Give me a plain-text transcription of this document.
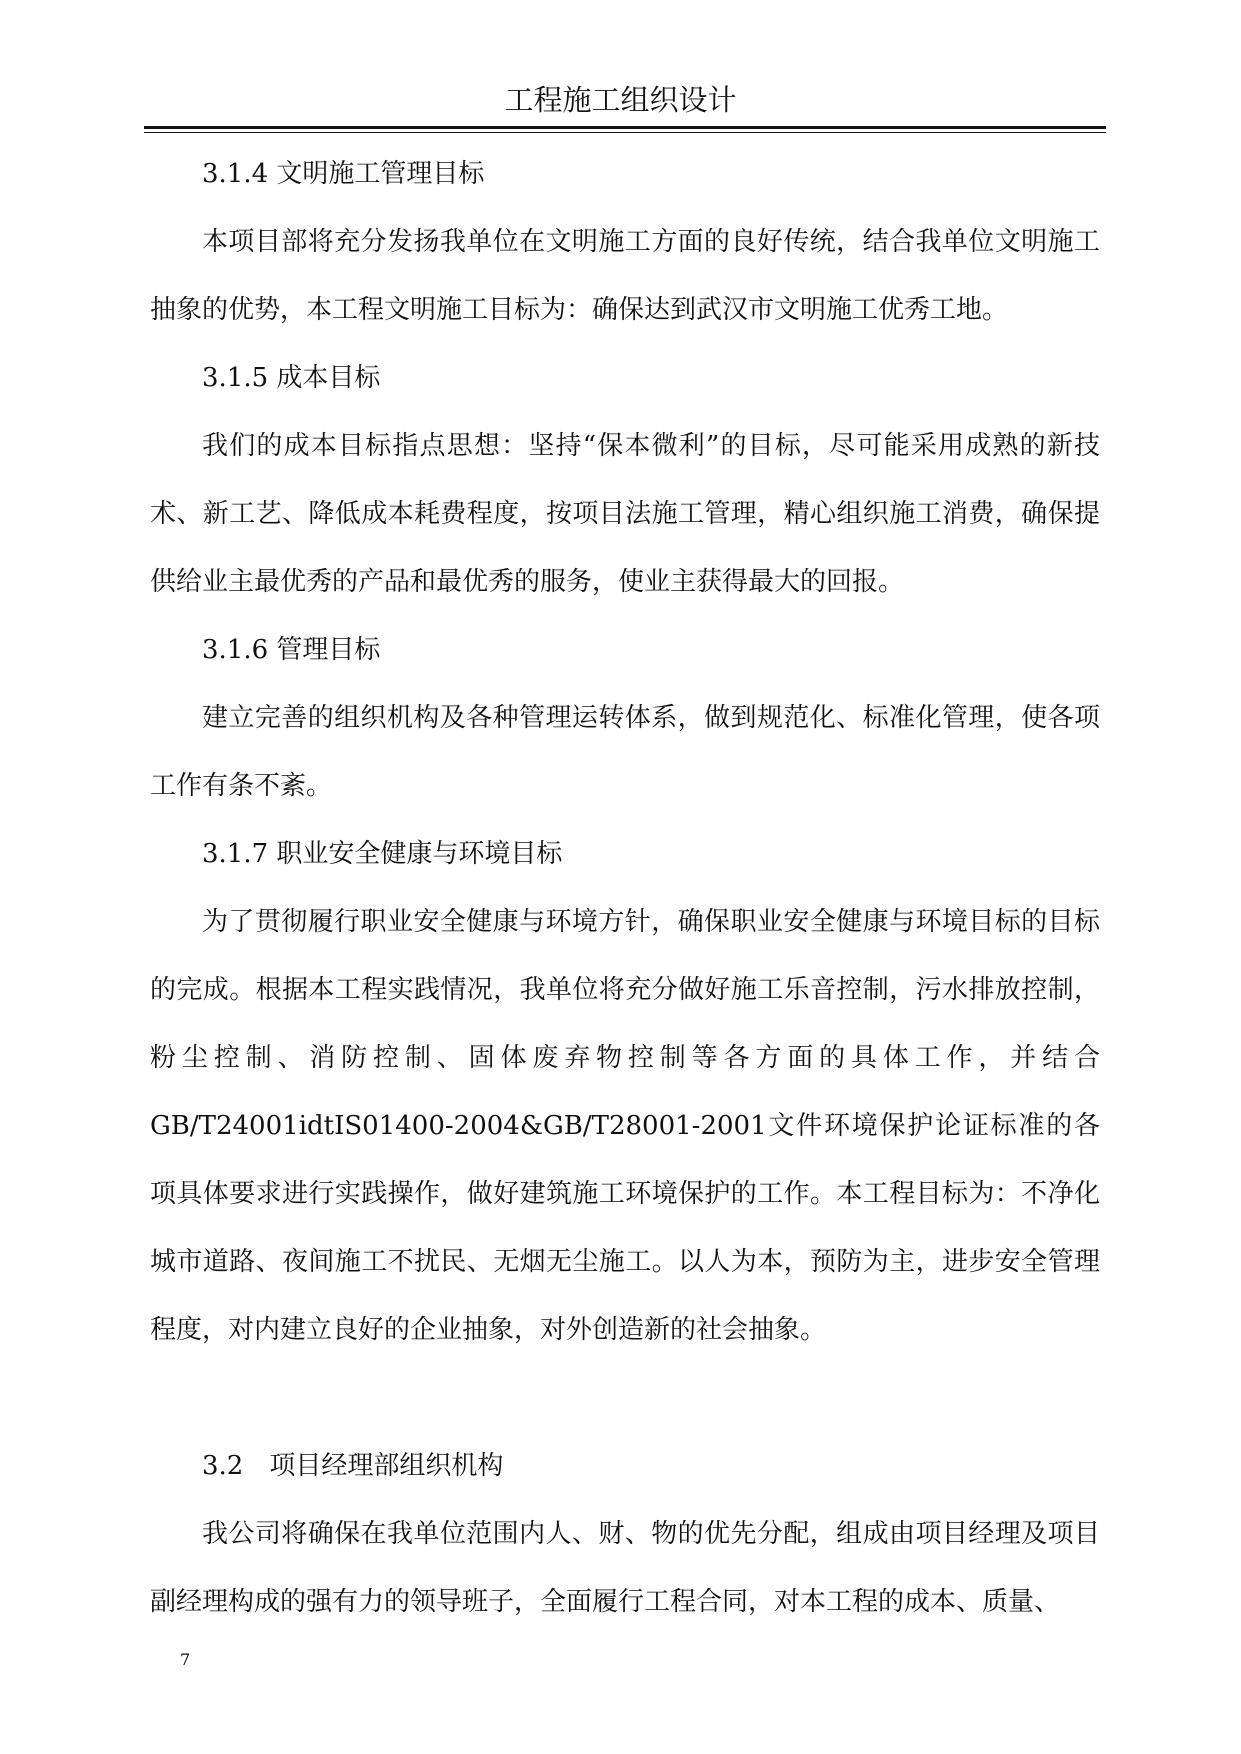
工程施工组织设计

3.1.4 文明施工管理目标

本项目部将充分发扬我单位在文明施工方面的良好传统，结合我单位文明施工抽象的优势，本工程文明施工目标为：确保达到武汉市文明施工优秀工地。

3.1.5 成本目标

我们的成本目标指点思想：坚持“保本微利”的目标，尽可能采用成熟的新技术、新工艺、降低成本耗费程度，按项目法施工管理，精心组织施工消费，确保提供给业主最优秀的产品和最优秀的服务，使业主获得最大的回报。

3.1.6 管理目标

建立完善的组织机构及各种管理运转体系，做到规范化、标准化管理，使各项工作有条不紊。

3.1.7 职业安全健康与环境目标

为了贯彻履行职业安全健康与环境方针，确保职业安全健康与环境目标的目标的完成。根据本工程实践情况，我单位将充分做好施工乐音控制，污水排放控制，粉尘控制、消防控制、固体废弃物控制等各方面的具体工作，并结合GB/T24001idtIS01400-2004&GB/T28001-2001文件环境保护论证标准的各项具体要求进行实践操作，做好建筑施工环境保护的工作。本工程目标为：不净化城市道路、夜间施工不扰民、无烟无尘施工。以人为本，预防为主，进步安全管理程度，对内建立良好的企业抽象，对外创造新的社会抽象。

3.2　项目经理部组织机构

我公司将确保在我单位范围内人、财、物的优先分配，组成由项目经理及项目副经理构成的强有力的领导班子，全面履行工程合同，对本工程的成本、质量、

7
